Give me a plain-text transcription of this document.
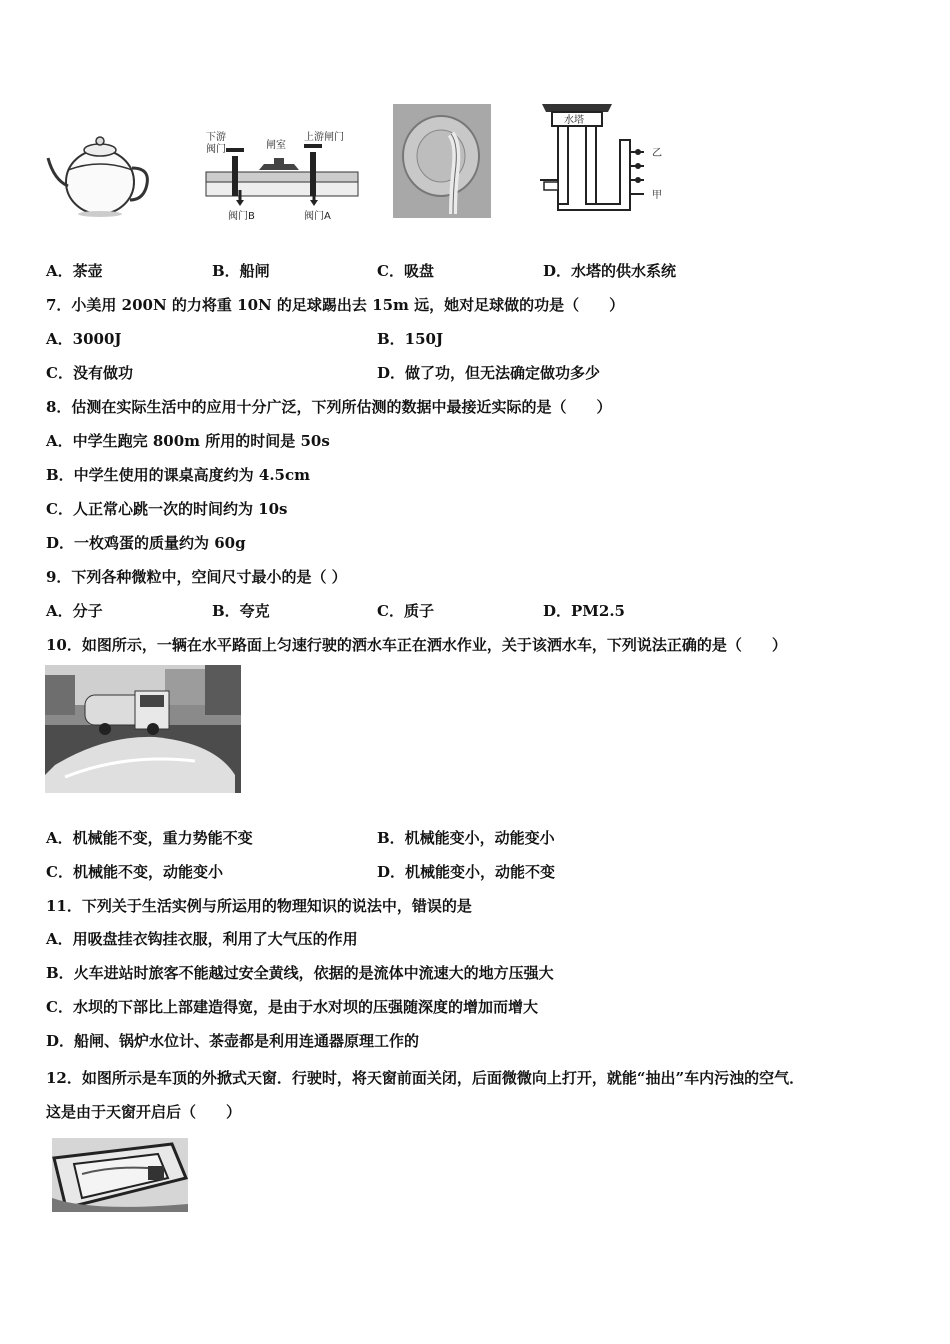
下游
阀门	闸室
上游闸门
阀门B	阀门A
水塔
乙
甲
A．茶壶	B．船闸	C．吸盘	D．水塔的供水系统
7．小美用 200N 的力将重 10N 的足球踢出去 15m 远，她对足球做的功是（　　）
A．3000J	B．150J
C．没有做功	D．做了功，但无法确定做功多少
8．估测在实际生活中的应用十分广泛，下列所估测的数据中最接近实际的是（　　）
A．中学生跑完 800m 所用的时间是 50s
B．中学生使用的课桌高度约为 4.5cm
C．人正常心跳一次的时间约为 10s
D．一枚鸡蛋的质量约为 60g
9．下列各种微粒中，空间尺寸最小的是（ ）
A．分子	B．夸克	C．质子	D．PM2.5
10．如图所示，一辆在水平路面上匀速行驶的洒水车正在洒水作业，关于该洒水车，下列说法正确的是（　　）
A．机械能不变，重力势能不变	B．机械能变小，动能变小
C．机械能不变，动能变小	D．机械能变小，动能不变
11．下列关于生活实例与所运用的物理知识的说法中，错误的是
A．用吸盘挂衣钩挂衣服，利用了大气压的作用
B．火车进站时旅客不能越过安全黄线，依据的是流体中流速大的地方压强大
C．水坝的下部比上部建造得宽，是由于水对坝的压强随深度的增加而增大
D．船闸、锅炉水位计、茶壶都是利用连通器原理工作的
12．如图所示是车顶的外掀式天窗．行驶时，将天窗前面关闭，后面微微向上打开，就能“抽出”车内污浊的空气．
这是由于天窗开启后（　　）
